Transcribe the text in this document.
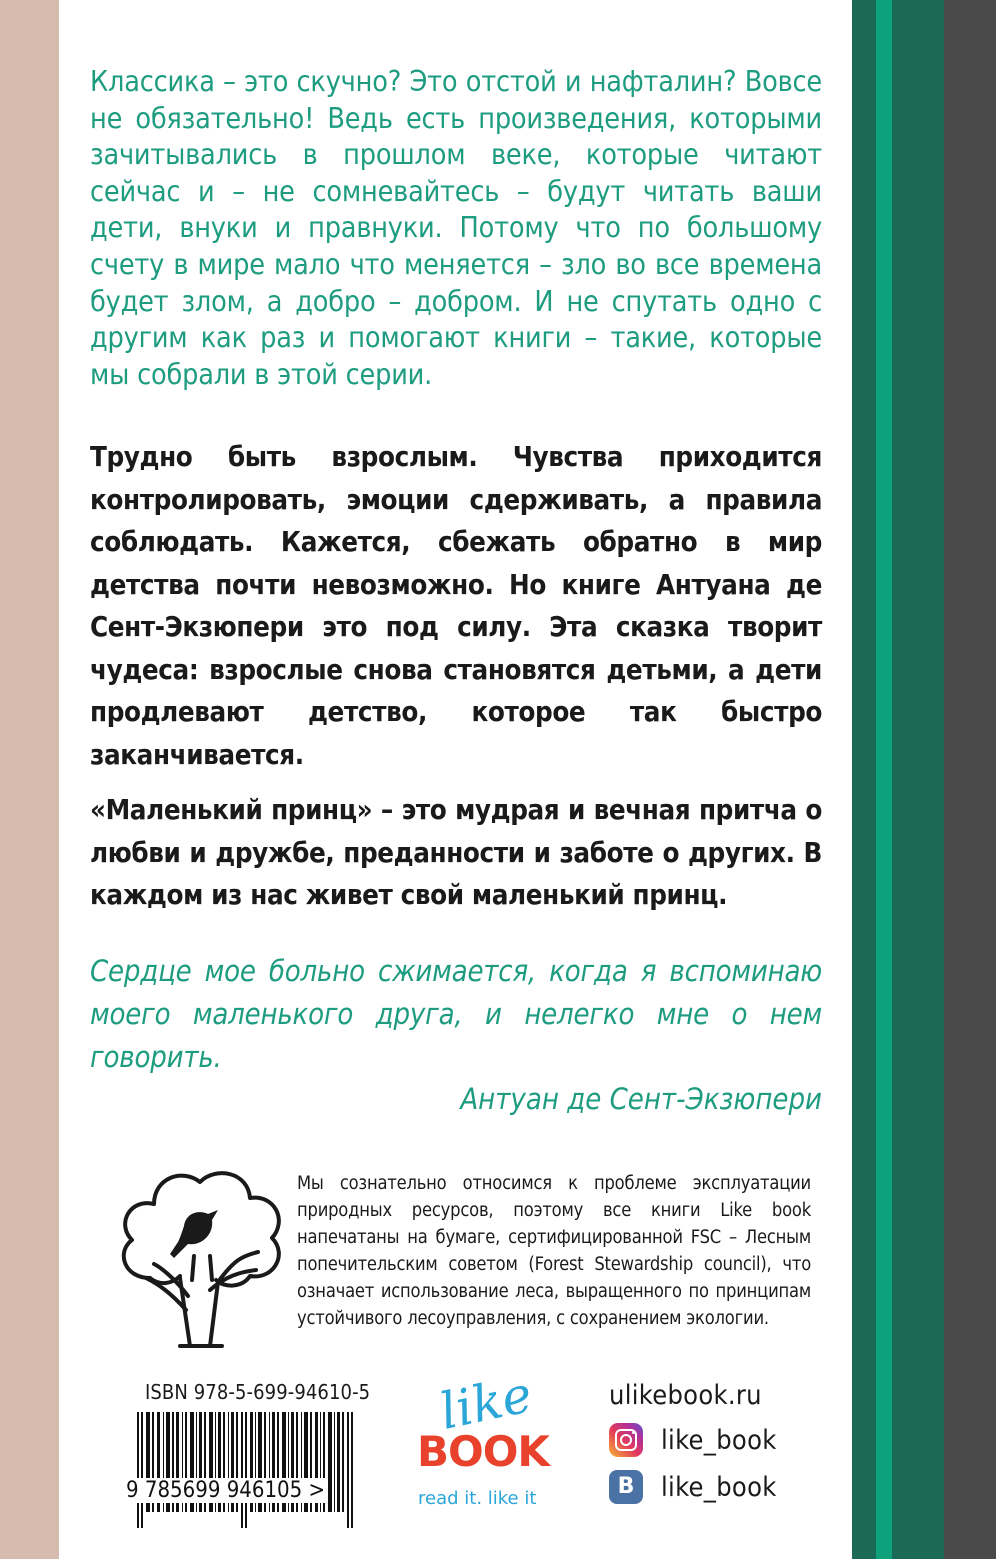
Классика – это скучно? Это отстой и нафталин? Вовсе не обязательно! Ведь есть произведения, которыми зачитывались в прошлом веке, которые читают сейчас и – не сомневайтесь – будут читать ваши дети, внуки и правнуки. Потому что по большому счету в мире мало что меняется – зло во все времена будет злом, а добро – добром. И не спутать одно с другим как раз и помогают книги – такие, которые мы собрали в этой серии.

Трудно быть взрослым. Чувства приходится контролировать, эмоции сдерживать, а правила соблюдать. Кажется, сбежать обратно в мир детства почти невозможно. Но книге Антуана де Сент-Экзюпери это под силу. Эта сказка творит чудеса: взрослые снова становятся детьми, а дети продлевают детство, которое так быстро заканчивается.

«Маленький принц» – это мудрая и вечная притча о любви и дружбе, преданности и заботе о других. В каждом из нас живет свой маленький принц.

Сердце мое больно сжимается, когда я вспоминаю моего маленького друга, и нелегко мне о нем говорить.
Антуан де Сент-Экзюпери
Мы сознательно относимся к проблеме эксплуатации природных ресурсов, поэтому все книги Like book напечатаны на бумаге, сертифицированной FSC – Лесным попечительским советом (Forest Stewardship council), что означает использование леса, выращенного по принципам устойчивого лесоуправления, с сохранением экологии.
ISBN 978-5-699-94610-5
9 785699 946105 >
like
BOOK
read it. like it
ulikebook.ru
like_book
B like_book
